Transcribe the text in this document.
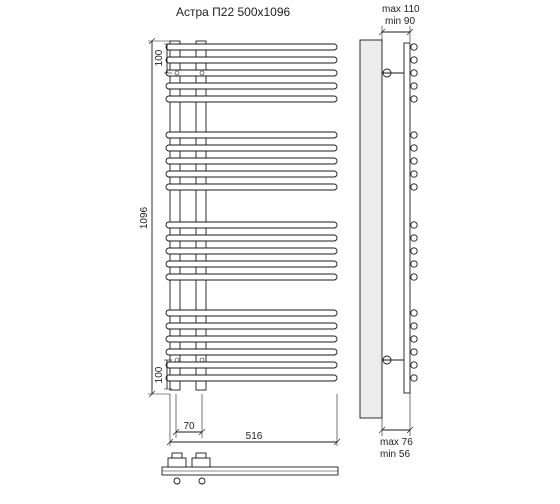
Астра П22 500х1096
1096
100
100
70
516
max 110
min 90
max 76
min 56
